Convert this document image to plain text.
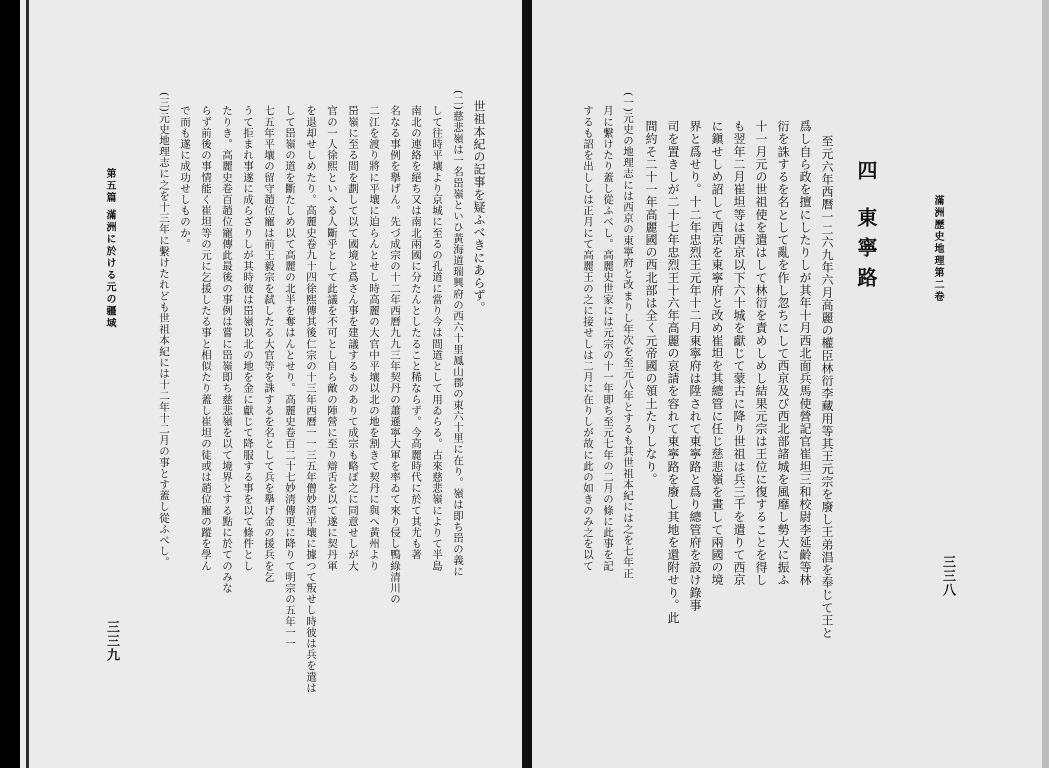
世祖本紀の記事を疑ふべきにあらず。
(二)慈悲嶺は一名岊嶺といひ黃海道瑞興府の西六十里鳳山郡の東六十里に在り。嶺は即ち岊の義に
して往時平壤より京城に至るの孔道に當り今は間道として用ゐらる。古來慈悲嶺によりて半島
南北の連絡を絕ち又は南北兩國に分たんとしたること稀ならず。今高麗時代に於て其尤も著
名なる事例を擧げん。先づ成宗の十二年西曆九九三年契丹の蕭遜寧大軍を率ゐて來り侵し鴨綠清川の
二江を渡り將に平壤に迫らんとせし時高麗の大官中平壤以北の地を割きて契丹に與へ黃州より
岊嶺に至る間を劃して以て國境と爲さん事を建議するものありて成宗も略ぼ之に同意せしが大
官の一人徐熙といへる人斷乎として此議を不可とし自ら敵の陣營に至り辯舌を以て遂に契丹軍
を退却せしめたり。高麗史卷九十四徐熙傳其後仁宗の十三年西曆一一三五年僧妙淸平壤に據つて叛せし時彼は兵を遣は
して岊嶺の道を斷たしめ以て高麗の北半を奪はんとせり。高麗史卷百二十七妙淸傳更に降りて明宗の五年一一
七五年平壤の留守趙位寵は前王毅宗を弑したる大官等を誅するを名として兵を擧げ金の援兵を乞
うて拒まれ事遂に成らざりしが其時彼は岊嶺以北の地を金に獻じて降服する事を以て條件とし
たりき。高麗史卷百趙位寵傳此最後の事例は嘗に岊嶺即ち慈悲嶺を以て境界とする點に於てのみな
らず前後の事情能く崔坦等の元に乞援したる事と相似たり蓋し崔坦の徒或は趙位寵の蹤を學ん
で而も遂に成功せしものか。
(三)元史地理志に之を十三年に繫けたれども世祖本紀には十二年十二月の事とす蓋し從ふべし。
第五篇 滿洲に於ける元の疆域
三三九
滿洲歷史地理第二卷
三三八
四 東寧路
至元六年西曆一二六九年六月高麗の權臣林衍李藏用等其王元宗を廢し王弟淐を奉じて王と
爲し自ら政を擅にしたりしが其年十月西北面兵馬使營記官崔坦三和校尉李延齡等林
衍を誅するを名として亂を作し忽ちにして西京及び西北部諸城を風靡し勢大に振ふ
十一月元の世祖使を遣はして林衍を責めしめし結果元宗は王位に復することを得し
も翌年二月崔坦等は西京以下六十城を獻じて蒙古に降り世祖は兵三千を遣りて西京
に鎭せしめ詔して西京を東寧府と改め崔坦を其總管に任じ慈悲嶺を畫して兩國の境
界と爲せり。十二年忠烈王元年十二月東寧府は陞されて東寧路と爲り總管府を設け錄事
司を置きしが二十七年忠烈王十六年高麗の哀請を容れて東寧路を廢し其地を還附せり。此
間約そ二十一年高麗國の西北部は全く元帝國の領土たりしなり。
(一)元史の地理志には西京の東寧府と改まりし年次を至元八年とするも其世祖本紀には之を七年正
月に繫けたり蓋し從ふべし。高麗史世家には元宗の十一年即ち至元七年の二月の條に此事を記
するも詔を出ししは正月にて高麗王の之に接せしは二月に在りしが故に此の如きのみ之を以て
